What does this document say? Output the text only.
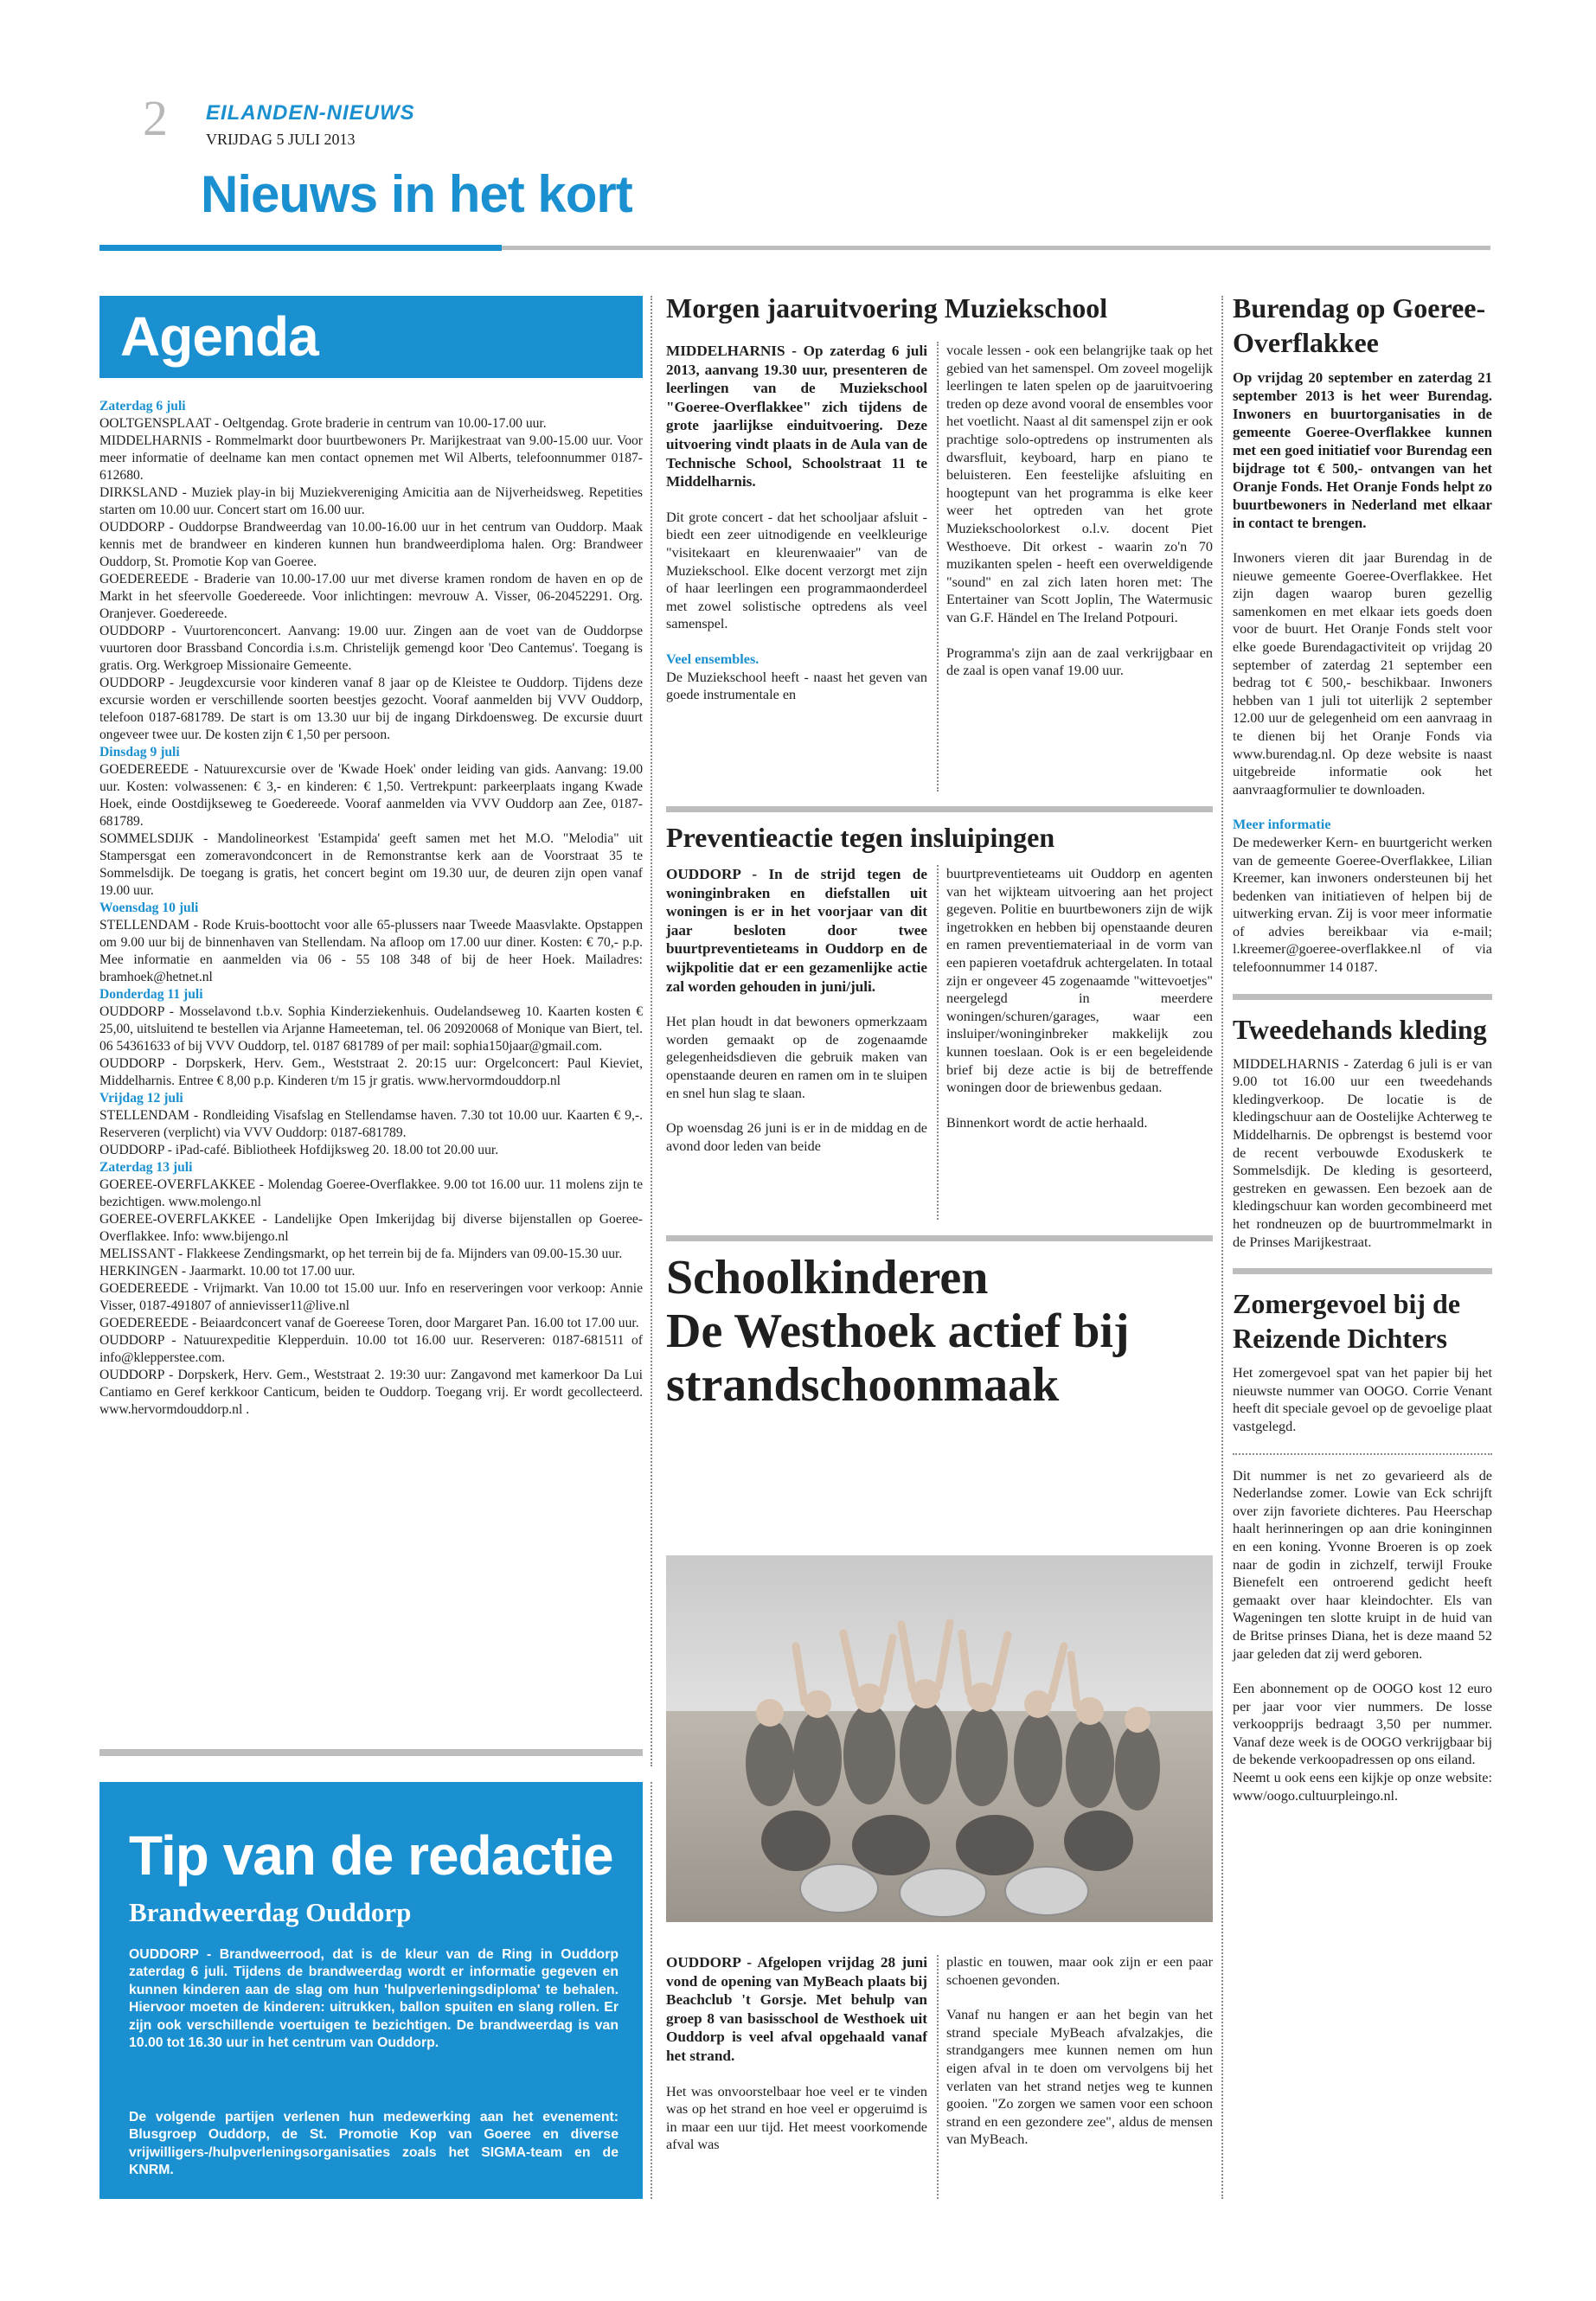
2 EILANDEN-NIEUWS
VRIJDAG 5 JULI 2013
Nieuws in het kort
Agenda
Zaterdag 6 juli
OOLTGENSPLAAT - Oeltgendag. Grote braderie in centrum van 10.00-17.00 uur.
MIDDELHARNIS - Rommelmarkt door buurtbewoners Pr. Marijkestraat van 9.00-15.00 uur. Voor meer informatie of deelname kan men contact opnemen met Wil Alberts, telefoonnummer 0187-612680.
DIRKSLAND - Muziek play-in bij Muziekvereniging Amicitia aan de Nijverheidsweg. Repetities starten om 10.00 uur. Concert start om 16.00 uur.
OUDDORP - Ouddorpse Brandweerdag van 10.00-16.00 uur in het centrum van Ouddorp. Maak kennis met de brandweer en kinderen kunnen hun brandweerdiploma halen. Org: Brandweer Ouddorp, St. Promotie Kop van Goeree.
GOEDEREEDE - Braderie van 10.00-17.00 uur met diverse kramen rondom de haven en op de Markt in het sfeervolle Goedereede. Voor inlichtingen: mevrouw A. Visser, 06-20452291. Org. Oranjever. Goedereede.
OUDDORP - Vuurtorenconcert. Aanvang: 19.00 uur. Zingen aan de voet van de Ouddorpse vuurtoren door Brassband Concordia i.s.m. Christelijk gemengd koor 'Deo Cantemus'. Toegang is gratis. Org. Werkgroep Missionaire Gemeente.
OUDDORP - Jeugdexcursie voor kinderen vanaf 8 jaar op de Kleistee te Ouddorp. Tijdens deze excursie worden er verschillende soorten beestjes gezocht. Vooraf aanmelden bij VVV Ouddorp, telefoon 0187-681789. De start is om 13.30 uur bij de ingang Dirkdoensweg. De excursie duurt ongeveer twee uur. De kosten zijn € 1,50 per persoon.
Dinsdag 9 juli
GOEDEREEDE - Natuurexcursie over de 'Kwade Hoek' onder leiding van gids. Aanvang: 19.00 uur. Kosten: volwassenen: € 3,- en kinderen: € 1,50. Vertrekpunt: parkeerplaats ingang Kwade Hoek, einde Oostdijkseweg te Goedereede. Vooraf aanmelden via VVV Ouddorp aan Zee, 0187-681789.
SOMMELSDIJK - Mandolineorkest 'Estampida' geeft samen met het M.O. "Melodia" uit Stampersgat een zomeravondconcert in de Remonstrantse kerk aan de Voorstraat 35 te Sommelsdijk. De toegang is gratis, het concert begint om 19.30 uur, de deuren zijn open vanaf 19.00 uur.
Woensdag 10 juli
STELLENDAM - Rode Kruis-boottocht voor alle 65-plussers naar Tweede Maasvlakte. Opstappen om 9.00 uur bij de binnenhaven van Stellendam. Na afloop om 17.00 uur diner. Kosten: € 70,- p.p. Mee informatie en aanmelden via 06 - 55 108 348 of bij de heer Hoek. Mailadres: bramhoek@hetnet.nl
Donderdag 11 juli
OUDDORP - Mosselavond t.b.v. Sophia Kinderziekenhuis. Oudelandseweg 10. Kaarten kosten € 25,00, uitsluitend te bestellen via Arjanne Hameeteman, tel. 06 20920068 of Monique van Biert, tel. 06 54361633 of bij VVV Ouddorp, tel. 0187 681789 of per mail: sophia150jaar@gmail.com.
OUDDORP - Dorpskerk, Herv. Gem., Weststraat 2. 20:15 uur: Orgelconcert: Paul Kieviet, Middelharnis. Entree € 8,00 p.p. Kinderen t/m 15 jr gratis. www.hervormdouddorp.nl
Vrijdag 12 juli
STELLENDAM - Rondleiding Visafslag en Stellendamse haven. 7.30 tot 10.00 uur. Kaarten € 9,-. Reserveren (verplicht) via VVV Ouddorp: 0187-681789.
OUDDORP - iPad-café. Bibliotheek Hofdijksweg 20. 18.00 tot 20.00 uur.
Zaterdag 13 juli
GOEREE-OVERFLAKKEE - Molendag Goeree-Overflakkee. 9.00 tot 16.00 uur. 11 molens zijn te bezichtigen. www.molengo.nl
GOEREE-OVERFLAKKEE - Landelijke Open Imkerijdag bij diverse bijenstallen op Goeree-Overflakkee. Info: www.bijengo.nl
MELISSANT - Flakkeese Zendingsmarkt, op het terrein bij de fa. Mijnders van 09.00-15.30 uur.
HERKINGEN - Jaarmarkt. 10.00 tot 17.00 uur.
GOEDEREEDE - Vrijmarkt. Van 10.00 tot 15.00 uur. Info en reserveringen voor verkoop: Annie Visser, 0187-491807 of annievisser11@live.nl
GOEDEREEDE - Beiaardconcert vanaf de Goereese Toren, door Margaret Pan. 16.00 tot 17.00 uur.
OUDDORP - Natuurexpeditie Klepperduin. 10.00 tot 16.00 uur. Reserveren: 0187-681511 of info@klepperstee.com.
OUDDORP - Dorpskerk, Herv. Gem., Weststraat 2. 19:30 uur: Zangavond met kamerkoor Da Lui Cantiamo en Geref kerkkoor Canticum, beiden te Ouddorp. Toegang vrij. Er wordt gecollecteerd. www.hervormdouddorp.nl .
Tip van de redactie
Brandweerdag Ouddorp
OUDDORP - Brandweerrood, dat is de kleur van de Ring in Ouddorp zaterdag 6 juli. Tijdens de brandweerdag wordt er informatie gegeven en kunnen kinderen aan de slag om hun 'hulpverleningsdiploma' te behalen. Hiervoor moeten de kinderen: uitrukken, ballon spuiten en slang rollen. Er zijn ook verschillende voertuigen te bezichtigen. De brandweerdag is van 10.00 tot 16.30 uur in het centrum van Ouddorp.
De volgende partijen verlenen hun medewerking aan het evenement: Blusgroep Ouddorp, de St. Promotie Kop van Goeree en diverse vrijwilligers-/hulpverleningsorganisaties zoals het SIGMA-team en de KNRM.
Morgen jaaruitvoering Muziekschool

MIDDELHARNIS - Op zaterdag 6 juli 2013, aanvang 19.30 uur, presenteren de leerlingen van de Muziekschool "Goeree-Overflakkee" zich tijdens de grote jaarlijkse einduitvoering. Deze uitvoering vindt plaats in de Aula van de Technische School, Schoolstraat 11 te Middelharnis.

Dit grote concert - dat het schooljaar afsluit - biedt een zeer uitnodigende en veelkleurige "visitekaart en kleurenwaaier" van de Muziekschool. Elke docent verzorgt met zijn of haar leerlingen een programmaonderdeel met zowel solistische optredens als veel samenspel.

Veel ensembles.

De Muziekschool heeft - naast het geven van goede instrumentale en

vocale lessen - ook een belangrijke taak op het gebied van het samenspel. Om zoveel mogelijk leerlingen te laten spelen op de jaaruitvoering treden op deze avond vooral de ensembles voor het voetlicht. Naast al dit samenspel zijn er ook prachtige solo-optredens op instrumenten als dwarsfluit, keyboard, harp en piano te beluisteren. Een feestelijke afsluiting en hoogtepunt van het programma is elke keer weer het optreden van het grote Muziekschoolorkest o.l.v. docent Piet Westhoeve. Dit orkest - waarin zo'n 70 muzikanten spelen - heeft een overweldigende "sound" en zal zich laten horen met: The Entertainer van Scott Joplin, The Watermusic van G.F. Händel en The Ireland Potpouri.

Programma's zijn aan de zaal verkrijgbaar en de zaal is open vanaf 19.00 uur.

Preventieactie tegen insluipingen

OUDDORP - In de strijd tegen de woninginbraken en diefstallen uit woningen is er in het voorjaar van dit jaar besloten door twee buurtpreventieteams in Ouddorp en de wijkpolitie dat er een gezamenlijke actie zal worden gehouden in juni/juli.

Het plan houdt in dat bewoners opmerkzaam worden gemaakt op de zogenaamde gelegenheidsdieven die gebruik maken van openstaande deuren en ramen om in te sluipen en snel hun slag te slaan.

Op woensdag 26 juni is er in de middag en de avond door leden van beide

buurtpreventieteams uit Ouddorp en agenten van het wijkteam uitvoering aan het project gegeven. Politie en buurtbewoners zijn de wijk ingetrokken en hebben bij openstaande deuren en ramen preventiemateriaal in de vorm van een papieren voetafdruk achtergelaten. In totaal zijn er ongeveer 45 zogenaamde "wittevoetjes" neergelegd in meerdere woningen/schuren/garages, waar een insluiper/woninginbreker makkelijk zou kunnen toeslaan. Ook is er een begeleidende brief bij deze actie is bij de betreffende woningen door de briewenbus gedaan.

Binnenkort wordt de actie herhaald.

Schoolkinderen
De Westhoek actief bij
strandschoonmaak

OUDDORP - Afgelopen vrijdag 28 juni vond de opening van MyBeach plaats bij Beachclub 't Gorsje. Met behulp van groep 8 van basisschool de Westhoek uit Ouddorp is veel afval opgehaald vanaf het strand.

Het was onvoorstelbaar hoe veel er te vinden was op het strand en hoe veel er opgeruimd is in maar een uur tijd. Het meest voorkomende afval was

plastic en touwen, maar ook zijn er een paar schoenen gevonden.

Vanaf nu hangen er aan het begin van het strand speciale MyBeach afvalzakjes, die strandgangers mee kunnen nemen om hun eigen afval in te doen om vervolgens bij het verlaten van het strand netjes weg te kunnen gooien. "Zo zorgen we samen voor een schoon strand en een gezondere zee", aldus de mensen van MyBeach.

Burendag op Goeree-Overflakkee

Op vrijdag 20 september en zaterdag 21 september 2013 is het weer Burendag. Inwoners en buurtorganisaties in de gemeente Goeree-Overflakkee kunnen met een goed initiatief voor Burendag een bijdrage tot € 500,- ontvangen van het Oranje Fonds. Het Oranje Fonds helpt zo buurtbewoners in Nederland met elkaar in contact te brengen.

Inwoners vieren dit jaar Burendag in de nieuwe gemeente Goeree-Overflakkee. Het zijn dagen waarop buren gezellig samenkomen en met elkaar iets goeds doen voor de buurt. Het Oranje Fonds stelt voor elke goede Burendagactiviteit op vrijdag 20 september of zaterdag 21 september een bedrag tot € 500,- beschikbaar. Inwoners hebben van 1 juli tot uiterlijk 2 september 12.00 uur de gelegenheid om een aanvraag in te dienen bij het Oranje Fonds via www.burendag.nl. Op deze website is naast uitgebreide informatie ook het aanvraagformulier te downloaden.

Meer informatie

De medewerker Kern- en buurtgericht werken van de gemeente Goeree-Overflakkee, Lilian Kreemer, kan inwoners ondersteunen bij het bedenken van initiatieven of helpen bij de uitwerking ervan. Zij is voor meer informatie of advies bereikbaar via e-mail; l.kreemer@goeree-overflakkee.nl of via telefoonnummer 14 0187.

Tweedehands kleding

MIDDELHARNIS - Zaterdag 6 juli is er van 9.00 tot 16.00 uur een tweedehands kledingverkoop. De locatie is de kledingschuur aan de Oostelijke Achterweg te Middelharnis. De opbrengst is bestemd voor de recent verbouwde Exoduskerk te Sommelsdijk. De kleding is gesorteerd, gestreken en gewassen. Een bezoek aan de kledingschuur kan worden gecombineerd met het rondneuzen op de buurtrommelmarkt in de Prinses Marijkestraat.

Zomergevoel bij de Reizende Dichters

Het zomergevoel spat van het papier bij het nieuwste nummer van OOGO. Corrie Venant heeft dit speciale gevoel op de gevoelige plaat vastgelegd.

Dit nummer is net zo gevarieerd als de Nederlandse zomer. Lowie van Eck schrijft over zijn favoriete dichteres. Pau Heerschap haalt herinneringen op aan drie koninginnen en een koning. Yvonne Broeren is op zoek naar de godin in zichzelf, terwijl Frouke Bienefelt een ontroerend gedicht heeft gemaakt over haar kleindochter. Els van Wageningen ten slotte kruipt in de huid van de Britse prinses Diana, het is deze maand 52 jaar geleden dat zij werd geboren.

Een abonnement op de OOGO kost 12 euro per jaar voor vier nummers. De losse verkoopprijs bedraagt 3,50 per nummer. Vanaf deze week is de OOGO verkrijgbaar bij de bekende verkoopadressen op ons eiland.

Neemt u ook eens een kijkje op onze website: www/oogo.cultuurpleingo.nl.
